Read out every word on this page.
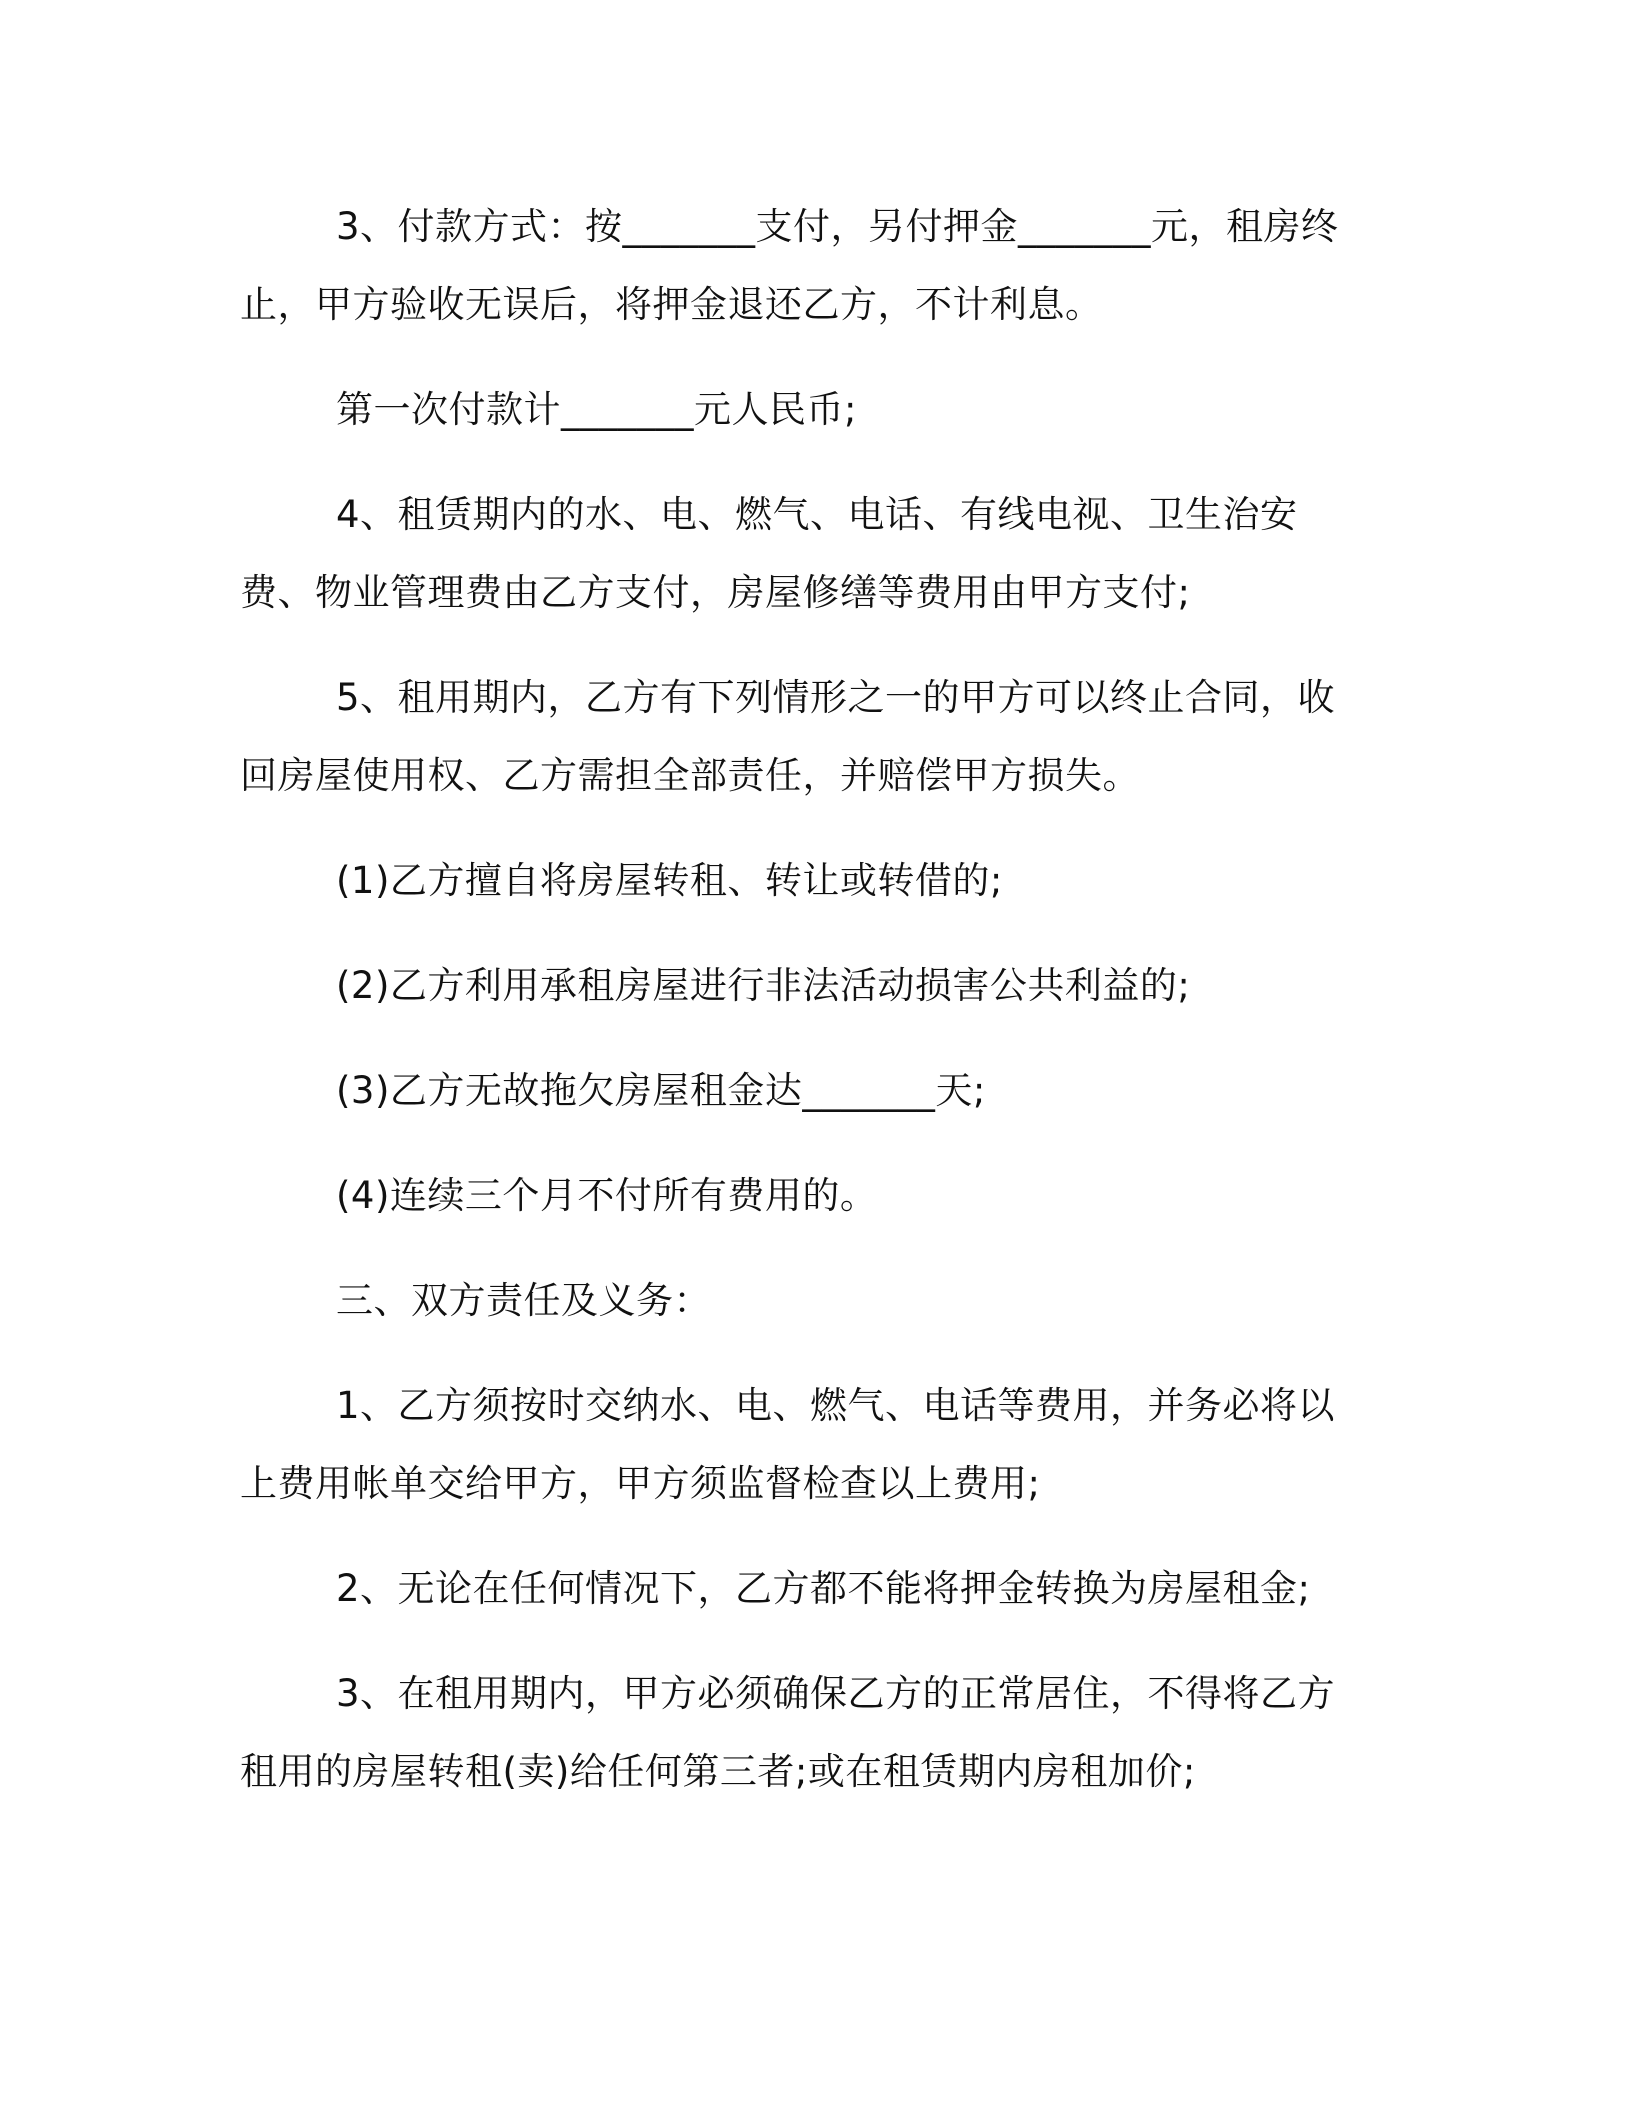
3、付款方式：按_______支付，另付押金_______元，租房终止，甲方验收无误后，将押金退还乙方，不计利息。

第一次付款计_______元人民币;

4、租赁期内的水、电、燃气、电话、有线电视、卫生治安费、物业管理费由乙方支付，房屋修缮等费用由甲方支付;

5、租用期内，乙方有下列情形之一的甲方可以终止合同，收回房屋使用权、乙方需担全部责任，并赔偿甲方损失。

(1)乙方擅自将房屋转租、转让或转借的;

(2)乙方利用承租房屋进行非法活动损害公共利益的;

(3)乙方无故拖欠房屋租金达_______天;

(4)连续三个月不付所有费用的。

三、双方责任及义务：

1、乙方须按时交纳水、电、燃气、电话等费用，并务必将以上费用帐单交给甲方，甲方须监督检查以上费用;

2、无论在任何情况下，乙方都不能将押金转换为房屋租金;

3、在租用期内，甲方必须确保乙方的正常居住，不得将乙方租用的房屋转租(卖)给任何第三者;或在租赁期内房租加价;
